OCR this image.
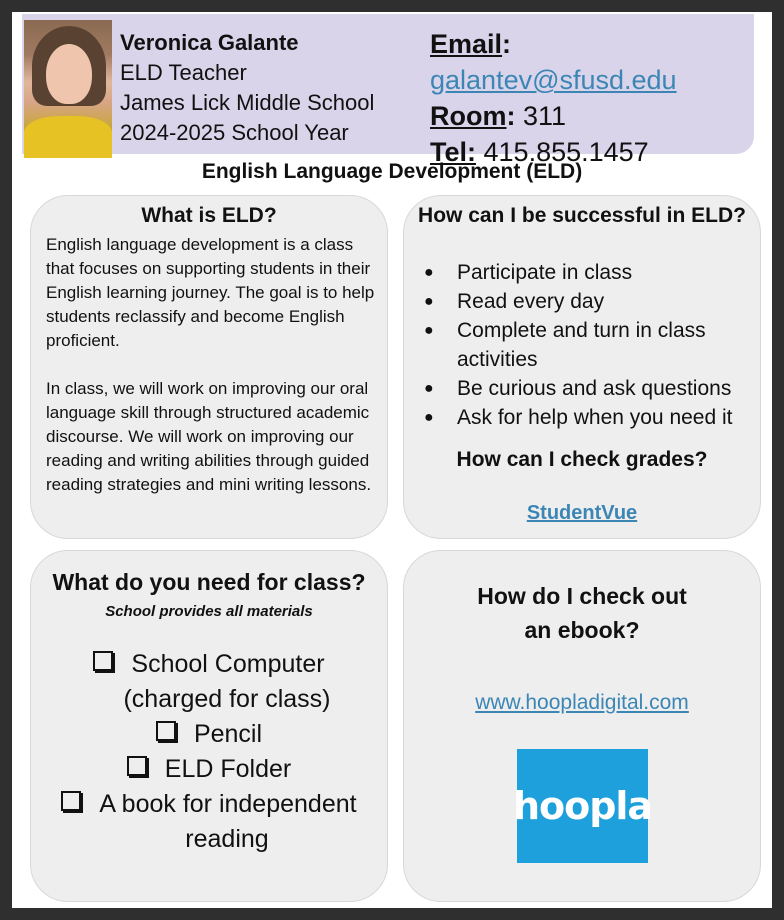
Veronica Galante
ELD Teacher
James Lick Middle School
2024-2025 School Year
Email: galantev@sfusd.edu
Room: 311
Tel: 415.855.1457
English Language Development (ELD)
What is ELD?

English language development is a class that focuses on supporting students in their English learning journey. The goal is to help students reclassify and become English proficient.

In class, we will work on improving our oral language skill through structured academic discourse. We will work on improving our reading and writing abilities through guided reading strategies and mini writing lessons.

How can I be successful in ELD?
● Participate in class
● Read every day
● Complete and turn in class activities
● Be curious and ask questions
● Ask for help when you need it
How can I check grades?
StudentVue
What do you need for class?
School provides all materials
School Computer
(charged for class)
Pencil
ELD Folder
A book for independent
reading
How do I check out an ebook?
www.hoopladigital.com
hoopla
